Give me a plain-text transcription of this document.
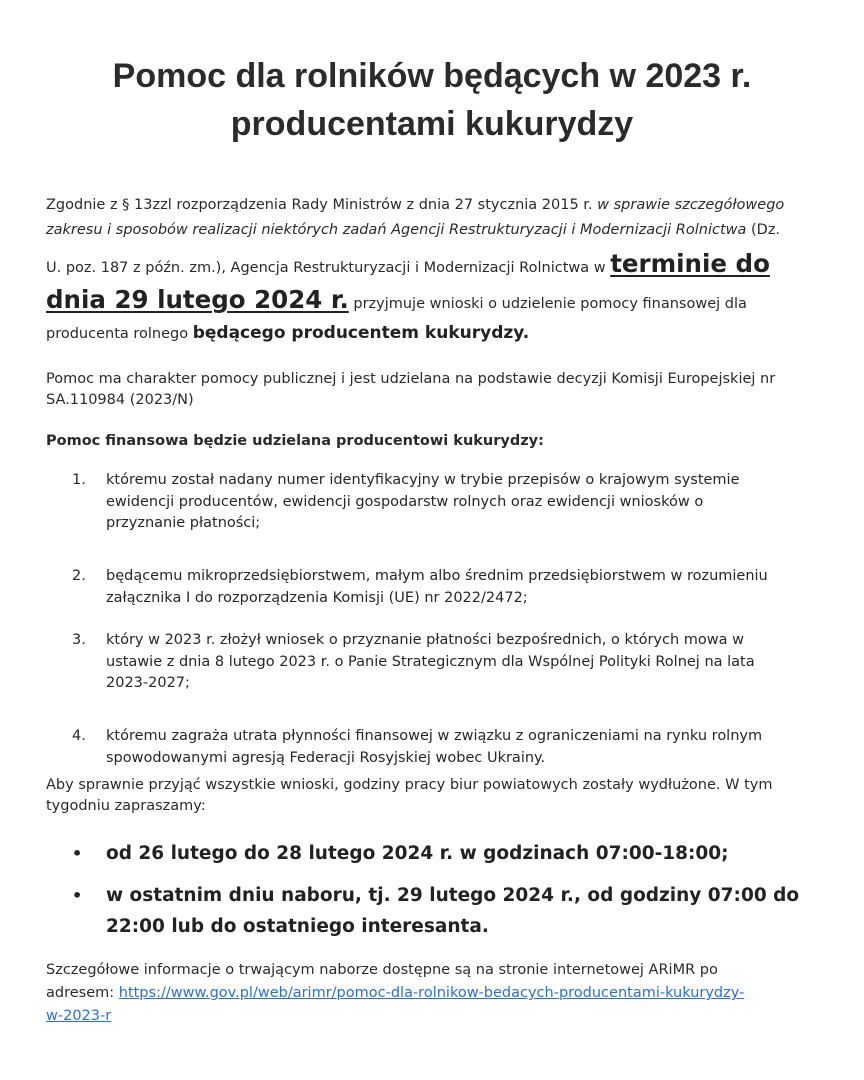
Pomoc dla rolników będących w 2023 r.
producentami kukurydzy
Zgodnie z § 13zzl rozporządzenia Rady Ministrów z dnia 27 stycznia 2015 r. w sprawie szczegółowego
zakresu i sposobów realizacji niektórych zadań Agencji Restrukturyzacji i Modernizacji Rolnictwa (Dz.
U. poz. 187 z późn. zm.), Agencja Restrukturyzacji i Modernizacji Rolnictwa w terminie do
dnia 29 lutego 2024 r. przyjmuje wnioski o udzielenie pomocy finansowej dla
producenta rolnego będącego producentem kukurydzy.
Pomoc ma charakter pomocy publicznej i jest udzielana na podstawie decyzji Komisji Europejskiej nr
SA.110984 (2023/N)
Pomoc finansowa będzie udzielana producentowi kukurydzy:
1. któremu został nadany numer identyfikacyjny w trybie przepisów o krajowym systemie
ewidencji producentów, ewidencji gospodarstw rolnych oraz ewidencji wniosków o
przyznanie płatności;
2. będącemu mikroprzedsiębiorstwem, małym albo średnim przedsiębiorstwem w rozumieniu
załącznika I do rozporządzenia Komisji (UE) nr 2022/2472;
3. który w 2023 r. złożył wniosek o przyznanie płatności bezpośrednich, o których mowa w
ustawie z dnia 8 lutego 2023 r. o Panie Strategicznym dla Wspólnej Polityki Rolnej na lata
2023-2027;
4. któremu zagraża utrata płynności finansowej w związku z ograniczeniami na rynku rolnym
spowodowanymi agresją Federacji Rosyjskiej wobec Ukrainy.
Aby sprawnie przyjąć wszystkie wnioski, godziny pracy biur powiatowych zostały wydłużone. W tym
tygodniu zapraszamy:
• od 26 lutego do 28 lutego 2024 r. w godzinach 07:00-18:00;
• w ostatnim dniu naboru, tj. 29 lutego 2024 r., od godziny 07:00 do
22:00 lub do ostatniego interesanta.
Szczegółowe informacje o trwającym naborze dostępne są na stronie internetowej ARiMR po
adresem: https://www.gov.pl/web/arimr/pomoc-dla-rolnikow-bedacych-producentami-kukurydzy-
w-2023-r
